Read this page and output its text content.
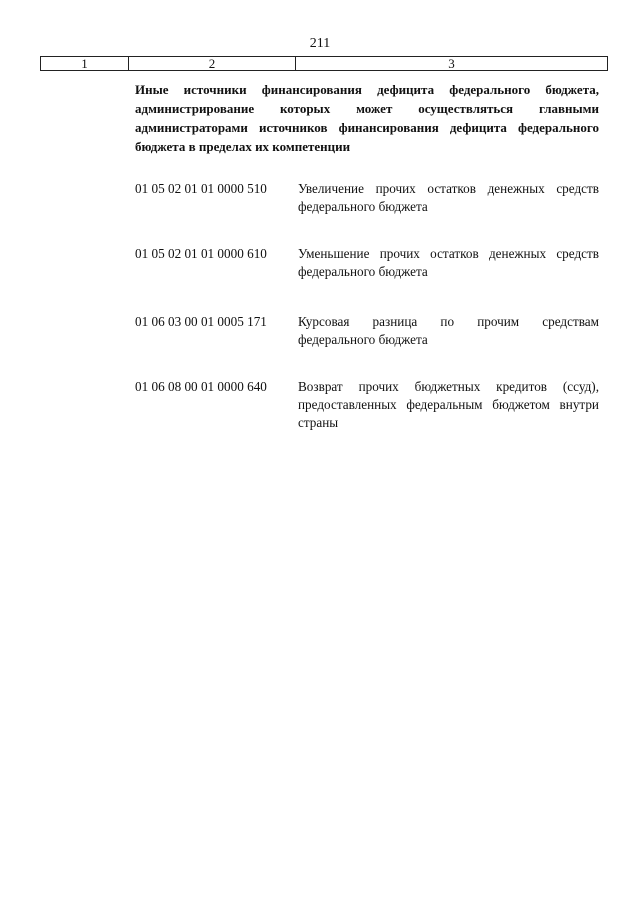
211
1	2	3
Иные источники финансирования дефицита федерального бюджета, администрирование которых может осуществляться главными администраторами источников финансирования дефицита федерального бюджета в пределах их компетенции
01 05 02 01 01 0000 510	Увеличение прочих остатков денежных средств федерального бюджета
01 05 02 01 01 0000 610	Уменьшение прочих остатков денежных средств федерального бюджета
01 06 03 00 01 0005 171	Курсовая разница по прочим средствам федерального бюджета
01 06 08 00 01 0000 640	Возврат прочих бюджетных кредитов (ссуд), предоставленных федеральным бюджетом внутри страны
